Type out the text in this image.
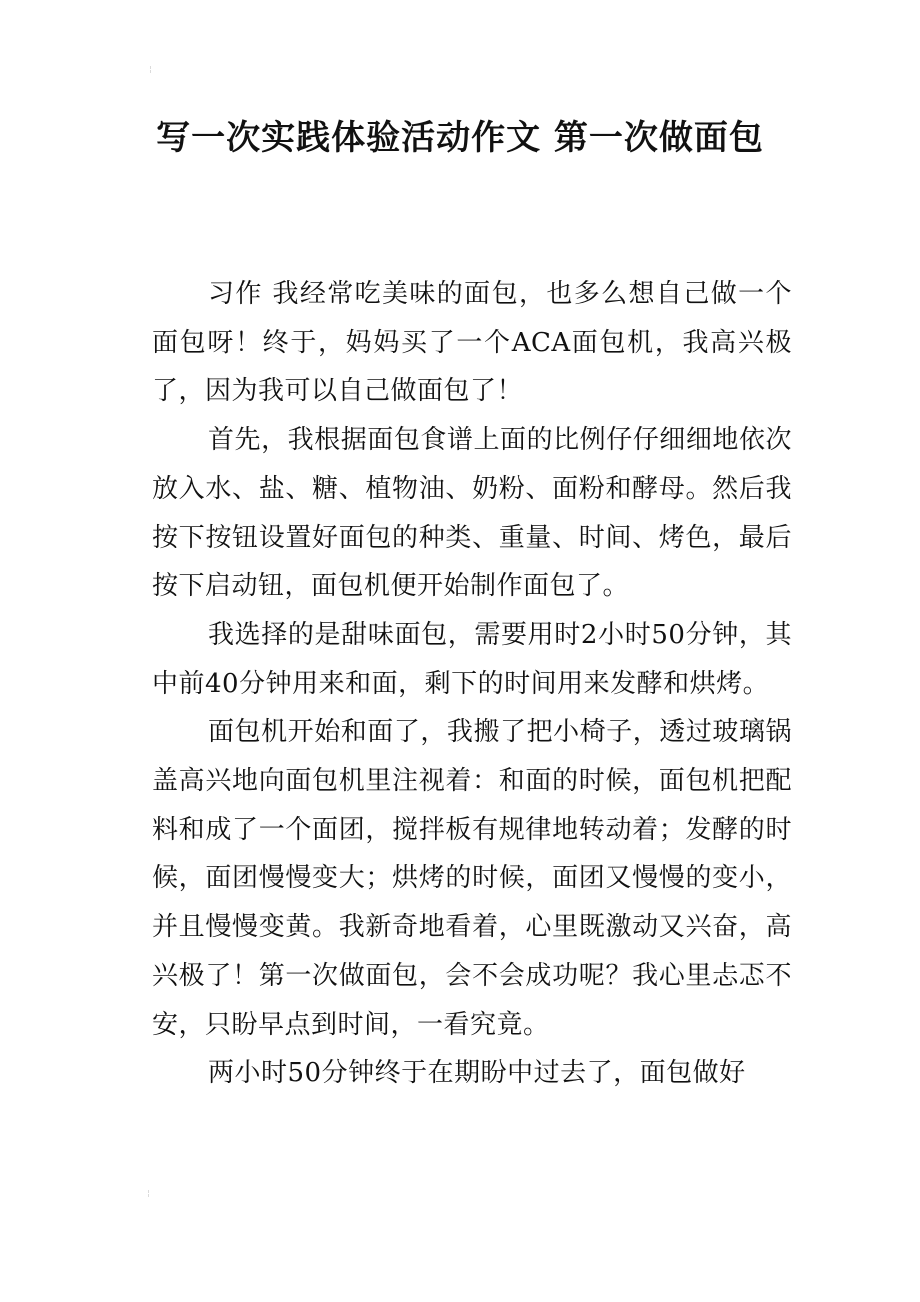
写一次实践体验活动作文 第一次做面包

习作 我经常吃美味的面包，也多么想自己做一个面包呀！终于，妈妈买了一个ACA面包机，我高兴极了，因为我可以自己做面包了！

首先，我根据面包食谱上面的比例仔仔细细地依次放入水、盐、糖、植物油、奶粉、面粉和酵母。然后我按下按钮设置好面包的种类、重量、时间、烤色，最后按下启动钮，面包机便开始制作面包了。

我选择的是甜味面包，需要用时2小时50分钟，其中前40分钟用来和面，剩下的时间用来发酵和烘烤。

面包机开始和面了，我搬了把小椅子，透过玻璃锅盖高兴地向面包机里注视着：和面的时候，面包机把配料和成了一个面团，搅拌板有规律地转动着；发酵的时候，面团慢慢变大；烘烤的时候，面团又慢慢的变小，并且慢慢变黄。我新奇地看着，心里既激动又兴奋，高兴极了！第一次做面包，会不会成功呢？我心里忐忑不安，只盼早点到时间，一看究竟。

两小时50分钟终于在期盼中过去了，面包做好
